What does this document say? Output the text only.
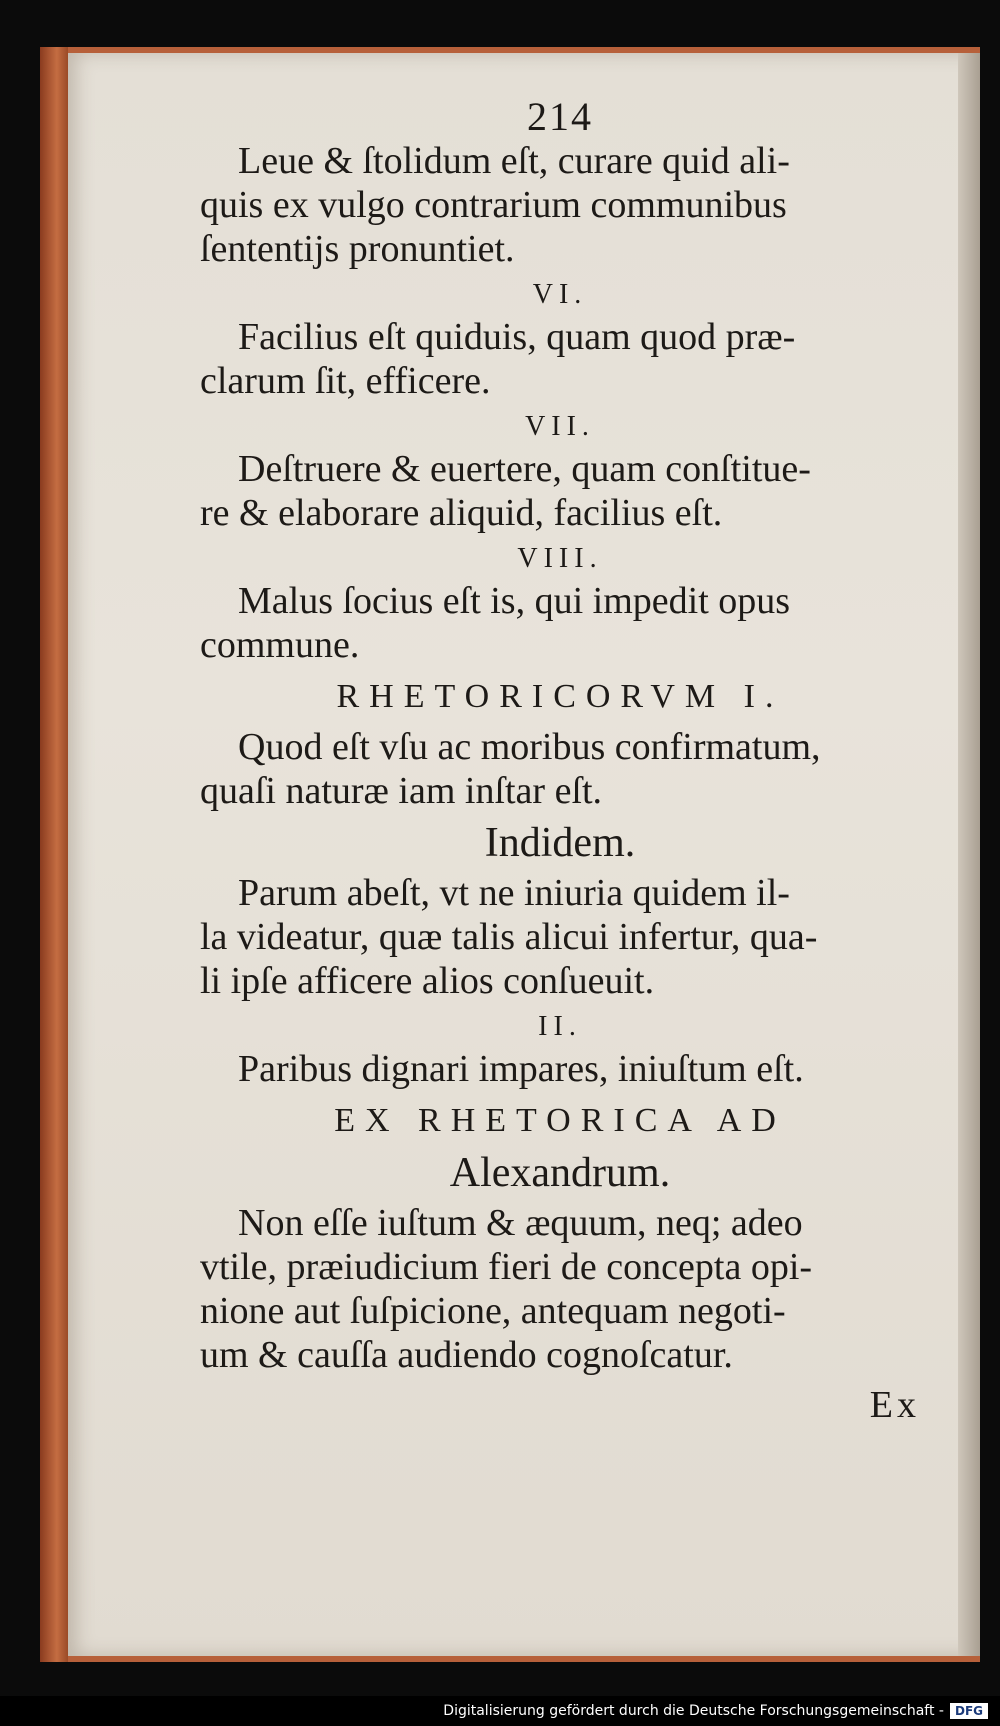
214
Leue & ſtolidum eſt, curare quid ali-
quis ex vulgo contrarium communibus
ſententijs pronuntiet.
VI.
Facilius eſt quiduis, quam quod præ-
clarum ſit, efficere.
VII.
Deſtruere & euertere, quam conſtitue-
re & elaborare aliquid, facilius eſt.
VIII.
Malus ſocius eſt is, qui impedit opus
commune.
RHETORICORVM I.
Quod eſt vſu ac moribus confirmatum,
quaſi naturæ iam inſtar eſt.
Indidem.
Parum abeſt, vt ne iniuria quidem il-
la videatur, quæ talis alicui infertur, qua-
li ipſe afficere alios conſueuit.
II.
Paribus dignari impares, iniuſtum eſt.
EX RHETORICA AD
Alexandrum.
Non eſſe iuſtum & æquum, neq; adeo
vtile, præiudicium fieri de concepta opi-
nione aut ſuſpicione, antequam negoti-
um & cauſſa audiendo cognoſcatur.
Ex
Digitalisierung gefördert durch die Deutsche Forschungsgemeinschaft - DFG
